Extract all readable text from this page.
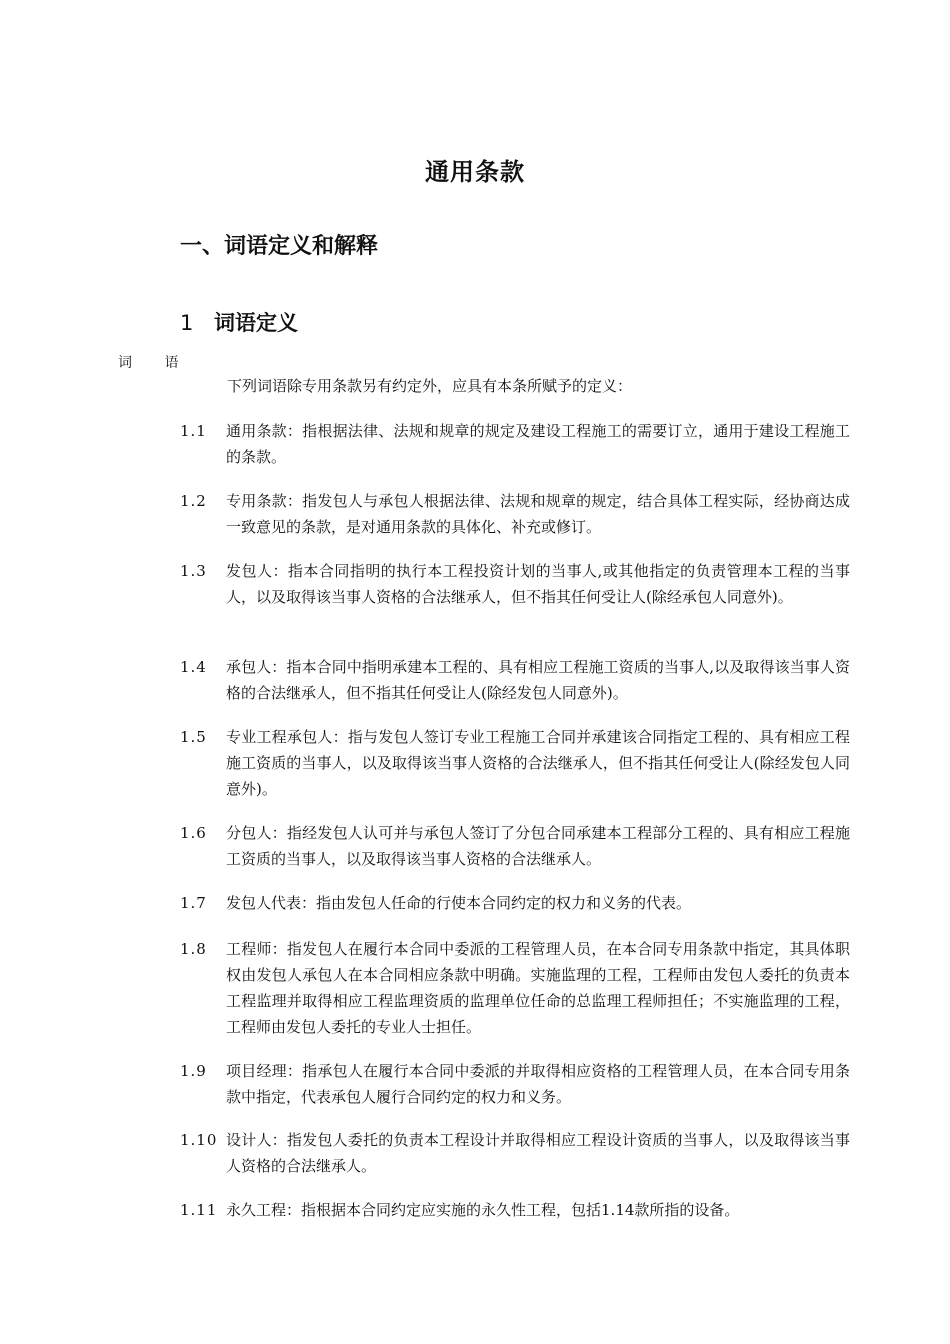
通用条款
一、词语定义和解释
1 词语定义
词 语
下列词语除专用条款另有约定外，应具有本条所赋予的定义：
1.1	通用条款：指根据法律、法规和规章的规定及建设工程施工的需要订立，通用于建设工程施工的条款。
1.2	专用条款：指发包人与承包人根据法律、法规和规章的规定，结合具体工程实际，经协商达成一致意见的条款，是对通用条款的具体化、补充或修订。
1.3	发包人：指本合同指明的执行本工程投资计划的当事人,或其他指定的负责管理本工程的当事人，以及取得该当事人资格的合法继承人，但不指其任何受让人(除经承包人同意外)。
1.4	承包人：指本合同中指明承建本工程的、具有相应工程施工资质的当事人,以及取得该当事人资格的合法继承人，但不指其任何受让人(除经发包人同意外)。
1.5	专业工程承包人：指与发包人签订专业工程施工合同并承建该合同指定工程的、具有相应工程施工资质的当事人，以及取得该当事人资格的合法继承人，但不指其任何受让人(除经发包人同意外)。
1.6	分包人：指经发包人认可并与承包人签订了分包合同承建本工程部分工程的、具有相应工程施工资质的当事人，以及取得该当事人资格的合法继承人。
1.7	发包人代表：指由发包人任命的行使本合同约定的权力和义务的代表。
1.8	工程师：指发包人在履行本合同中委派的工程管理人员，在本合同专用条款中指定，其具体职权由发包人承包人在本合同相应条款中明确。实施监理的工程，工程师由发包人委托的负责本工程监理并取得相应工程监理资质的监理单位任命的总监理工程师担任；不实施监理的工程，工程师由发包人委托的专业人士担任。
1.9	项目经理：指承包人在履行本合同中委派的并取得相应资格的工程管理人员，在本合同专用条款中指定，代表承包人履行合同约定的权力和义务。
1.10 设计人：指发包人委托的负责本工程设计并取得相应工程设计资质的当事人，以及取得该当事人资格的合法继承人。
1.11 永久工程：指根据本合同约定应实施的永久性工程，包括1.14款所指的设备。
